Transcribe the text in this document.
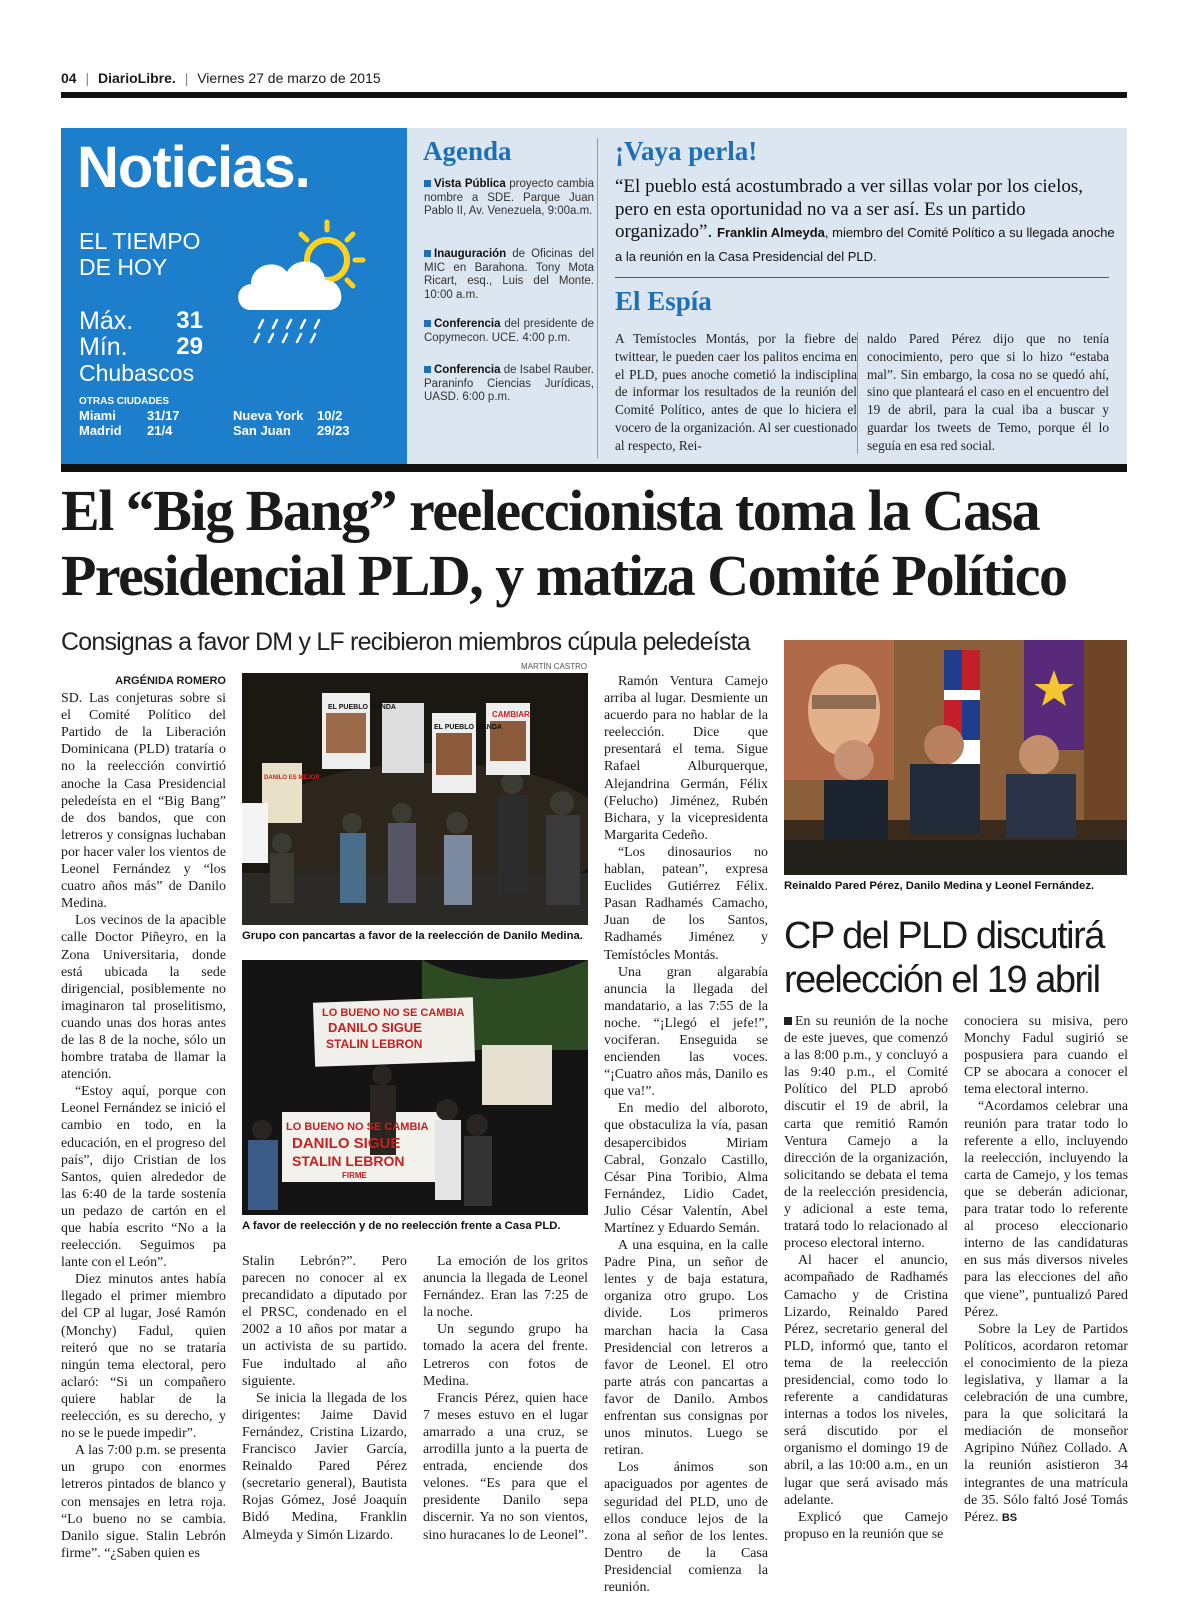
04 | DiarioLibre. | Viernes 27 de marzo de 2015
Noticias.
EL TIEMPO
DE HOY
Máx.
Mín.
31
29
Chubascos
OTRAS CIUDADES
Miami 31/17
Madrid 21/4
Nueva York 10/2
San Juan 29/23
Agenda
Vista Pública proyecto cambia nombre a SDE. Parque Juan Pablo II, Av. Venezuela, 9:00a.m.
Inauguración de Oficinas del MIC en Barahona. Tony Mota Ricart, esq., Luis del Monte. 10:00 a.m.
Conferencia del presidente de Copymecon. UCE. 4:00 p.m.
Conferencia de Isabel Rauber. Paraninfo Ciencias Jurídicas, UASD. 6:00 p.m.
¡Vaya perla!
“El pueblo está acostumbrado a ver sillas volar por los cielos, pero en esta oportunidad no va a ser así. Es un partido organizado”. Franklin Almeyda, miembro del Comité Político a su llegada anoche a la reunión en la Casa Presidencial del PLD.
El Espía
A Temístocles Montás, por la fiebre de twittear, le pueden caer los palitos encima en el PLD, pues anoche cometió la indisciplina de informar los resultados de la reunión del Comité Político, antes de que lo hiciera el vocero de la organización. Al ser cuestionado al respecto, Rei-
naldo Pared Pérez dijo que no tenía conocimiento, pero que si lo hizo “estaba mal”. Sin embargo, la cosa no se quedó ahí, sino que planteará el caso en el encuentro del 19 de abril, para la cual iba a buscar y guardar los tweets de Temo, porque él lo seguía en esa red social.
El “Big Bang” reeleccionista toma la Casa
Presidencial PLD, y matiza Comité Político
Consignas a favor DM y LF recibieron miembros cúpula peledeísta
ARGÉNIDA ROMERO

SD. Las conjeturas sobre si el Comité Político del Partido de la Liberación Dominicana (PLD) trataría o no la reelección convirtió anoche la Casa Presidencial peledeísta en el “Big Bang” de dos bandos, que con letreros y consignas luchaban por hacer valer los vientos de Leonel Fernández y “los cuatro años más” de Danilo Medina.

Los vecinos de la apacible calle Doctor Piñeyro, en la Zona Universitaria, donde está ubicada la sede dirigencial, posiblemente no imaginaron tal proselitismo, cuando unas dos horas antes de las 8 de la noche, sólo un hombre trataba de llamar la atención.

“Estoy aquí, porque con Leonel Fernández se inició el cambio en todo, en la educación, en el progreso del país”, dijo Cristian de los Santos, quien alrededor de las 6:40 de la tarde sostenía un pedazo de cartón en el que había escrito “No a la reelección. Seguimos pa lante con el León”.

Diez minutos antes había llegado el primer miembro del CP al lugar, José Ramón (Monchy) Fadul, quien reiteró que no se trataría ningún tema electoral, pero aclaró: “Si un compañero quiere hablar de la reelección, es su derecho, y no se le puede impedir”.

A las 7:00 p.m. se presenta un grupo con enormes letreros pintados de blanco y con mensajes en letra roja. “Lo bueno no se cambia. Danilo sigue. Stalin Lebrón firme”. “¿Saben quien es

MARTÍN CASTRO
EL PUEBLO MANDA
EL PUEBLO MANDA
CAMBIAR
DANILO ES MEJOR
Grupo con pancartas a favor de la reelección de Danilo Medina.
LO BUENO NO SE CAMBIA
DANILO SIGUE
STALIN LEBRON
LO BUENO NO SE CAMBIA
DANILO SIGUE
STALIN LEBRON
FIRME
A favor de reelección y de no reelección frente a Casa PLD.

Stalin Lebrón?”. Pero parecen no conocer al ex precandidato a diputado por el PRSC, condenado en el 2002 a 10 años por matar a un activista de su partido. Fue indultado al año siguiente.

Se inicia la llegada de los dirigentes: Jaime David Fernández, Cristina Lizardo, Francisco Javier García, Reinaldo Pared Pérez (secretario general), Bautista Rojas Gómez, José Joaquín Bidó Medina, Franklin Almeyda y Simón Lizardo.

La emoción de los gritos anuncia la llegada de Leonel Fernández. Eran las 7:25 de la noche.

Un segundo grupo ha tomado la acera del frente. Letreros con fotos de Medina.

Francis Pérez, quien hace 7 meses estuvo en el lugar amarrado a una cruz, se arrodilla junto a la puerta de entrada, enciende dos velones. “Es para que el presidente Danilo sepa discernir. Ya no son vientos, sino huracanes lo de Leonel”.

Ramón Ventura Camejo arriba al lugar. Desmiente un acuerdo para no hablar de la reelección. Dice que presentará el tema. Sigue Rafael Alburquerque, Alejandrina Germán, Félix (Felucho) Jiménez, Rubén Bichara, y la vicepresidenta Margarita Cedeño.

“Los dinosaurios no hablan, patean”, expresa Euclides Gutiérrez Félix. Pasan Radhamés Camacho, Juan de los Santos, Radhamés Jiménez y Temístócles Montás.

Una gran algarabía anuncia la llegada del mandatario, a las 7:55 de la noche. “¡Llegó el jefe!”, vociferan. Enseguida se encienden las voces. “¡Cuatro años más, Danilo es que va!”.

En medio del alboroto, que obstaculiza la vía, pasan desapercibidos Miriam Cabral, Gonzalo Castillo, César Pina Toribio, Alma Fernández, Lidio Cadet, Julio César Valentín, Abel Martínez y Eduardo Semán.

A una esquina, en la calle Padre Pina, un señor de lentes y de baja estatura, organiza otro grupo. Los divide. Los primeros marchan hacia la Casa Presidencial con letreros a favor de Leonel. El otro parte atrás con pancartas a favor de Danilo. Ambos enfrentan sus consignas por unos minutos. Luego se retiran.

Los ánimos son apaciguados por agentes de seguridad del PLD, uno de ellos conduce lejos de la zona al señor de los lentes. Dentro de la Casa Presidencial comienza la reunión.

Reinaldo Pared Pérez, Danilo Medina y Leonel Fernández.
CP del PLD discutirá reelección el 19 abril

En su reunión de la noche de este jueves, que comenzó a las 8:00 p.m., y concluyó a las 9:40 p.m., el Comité Político del PLD aprobó discutir el 19 de abril, la carta que remitió Ramón Ventura Camejo a la dirección de la organización, solicitando se debata el tema de la reelección presidencia, y adicional a este tema, tratará todo lo relacionado al proceso electoral interno.

Al hacer el anuncio, acompañado de Radhamés Camacho y de Cristina Lizardo, Reinaldo Pared Pérez, secretario general del PLD, informó que, tanto el tema de la reelección presidencial, como todo lo referente a candidaturas internas a todos los niveles, será discutido por el organismo el domingo 19 de abril, a las 10:00 a.m., en un lugar que será avisado más adelante.

Explicó que Camejo propuso en la reunión que se

conociera su misiva, pero Monchy Fadul sugirió se pospusiera para cuando el CP se abocara a conocer el tema electoral interno.

“Acordamos celebrar una reunión para tratar todo lo referente a ello, incluyendo la reelección, incluyendo la carta de Camejo, y los temas que se deberán adicionar, para tratar todo lo referente al proceso eleccionario interno de las candidaturas en sus más diversos niveles para las elecciones del año que viene”, puntualizó Pared Pérez.

Sobre la Ley de Partidos Políticos, acordaron retomar el conocimiento de la pieza legislativa, y llamar a la celebración de una cumbre, para la que solicitará la mediación de monseñor Agripino Núñez Collado. A la reunión asistieron 34 integrantes de una matrícula de 35. Sólo faltó José Tomás Pérez. BS
